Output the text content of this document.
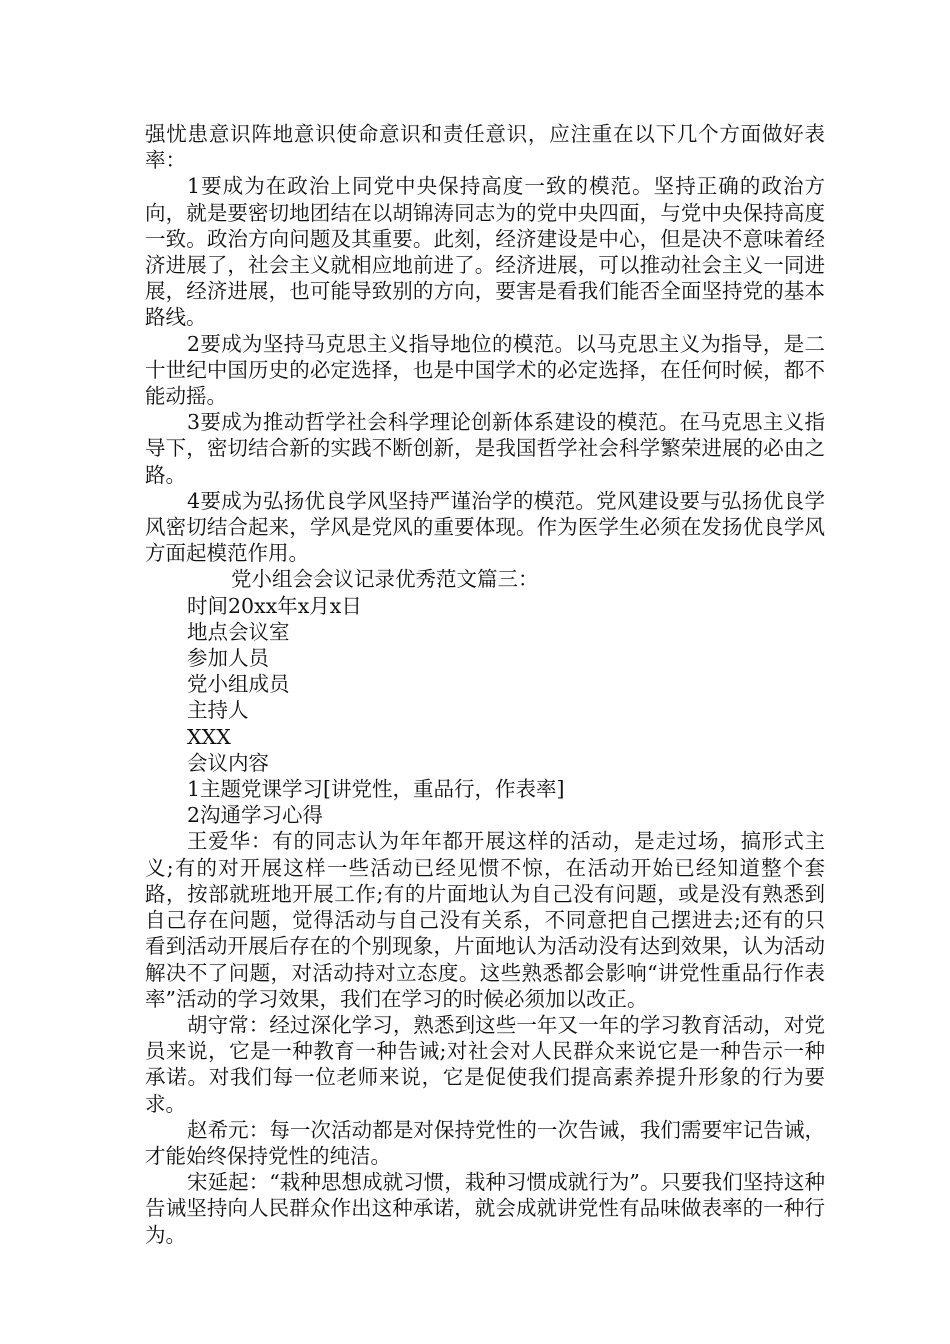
强忧患意识阵地意识使命意识和责任意识，应注重在以下几个方面做好表率：

1要成为在政治上同党中央保持高度一致的模范。坚持正确的政治方向，就是要密切地团结在以胡锦涛同志为的党中央四面，与党中央保持高度一致。政治方向问题及其重要。此刻，经济建设是中心，但是决不意味着经济进展了，社会主义就相应地前进了。经济进展，可以推动社会主义一同进展，经济进展，也可能导致别的方向，要害是看我们能否全面坚持党的基本路线。

2要成为坚持马克思主义指导地位的模范。以马克思主义为指导，是二十世纪中国历史的必定选择，也是中国学术的必定选择，在任何时候，都不能动摇。

3要成为推动哲学社会科学理论创新体系建设的模范。在马克思主义指导下，密切结合新的实践不断创新，是我国哲学社会科学繁荣进展的必由之路。

4要成为弘扬优良学风坚持严谨治学的模范。党风建设要与弘扬优良学风密切结合起来，学风是党风的重要体现。作为医学生必须在发扬优良学风方面起模范作用。

党小组会会议记录优秀范文篇三：

时间20xx年x月x日

地点会议室

参加人员

党小组成员

主持人

XXX

会议内容

1主题党课学习[讲党性，重品行，作表率]

2沟通学习心得

王爱华：有的同志认为年年都开展这样的活动，是走过场，搞形式主义;有的对开展这样一些活动已经见惯不惊，在活动开始已经知道整个套路，按部就班地开展工作;有的片面地认为自己没有问题，或是没有熟悉到自己存在问题，觉得活动与自己没有关系，不同意把自己摆进去;还有的只看到活动开展后存在的个别现象，片面地认为活动没有达到效果，认为活动解决不了问题，对活动持对立态度。这些熟悉都会影响“讲党性重品行作表率”活动的学习效果，我们在学习的时候必须加以改正。

胡守常：经过深化学习，熟悉到这些一年又一年的学习教育活动，对党员来说，它是一种教育一种告诫;对社会对人民群众来说它是一种告示一种承诺。对我们每一位老师来说，它是促使我们提高素养提升形象的行为要求。

赵希元：每一次活动都是对保持党性的一次告诫，我们需要牢记告诫，才能始终保持党性的纯洁。

宋延起：“栽种思想成就习惯，栽种习惯成就行为”。只要我们坚持这种告诫坚持向人民群众作出这种承诺，就会成就讲党性有品味做表率的一种行为。
